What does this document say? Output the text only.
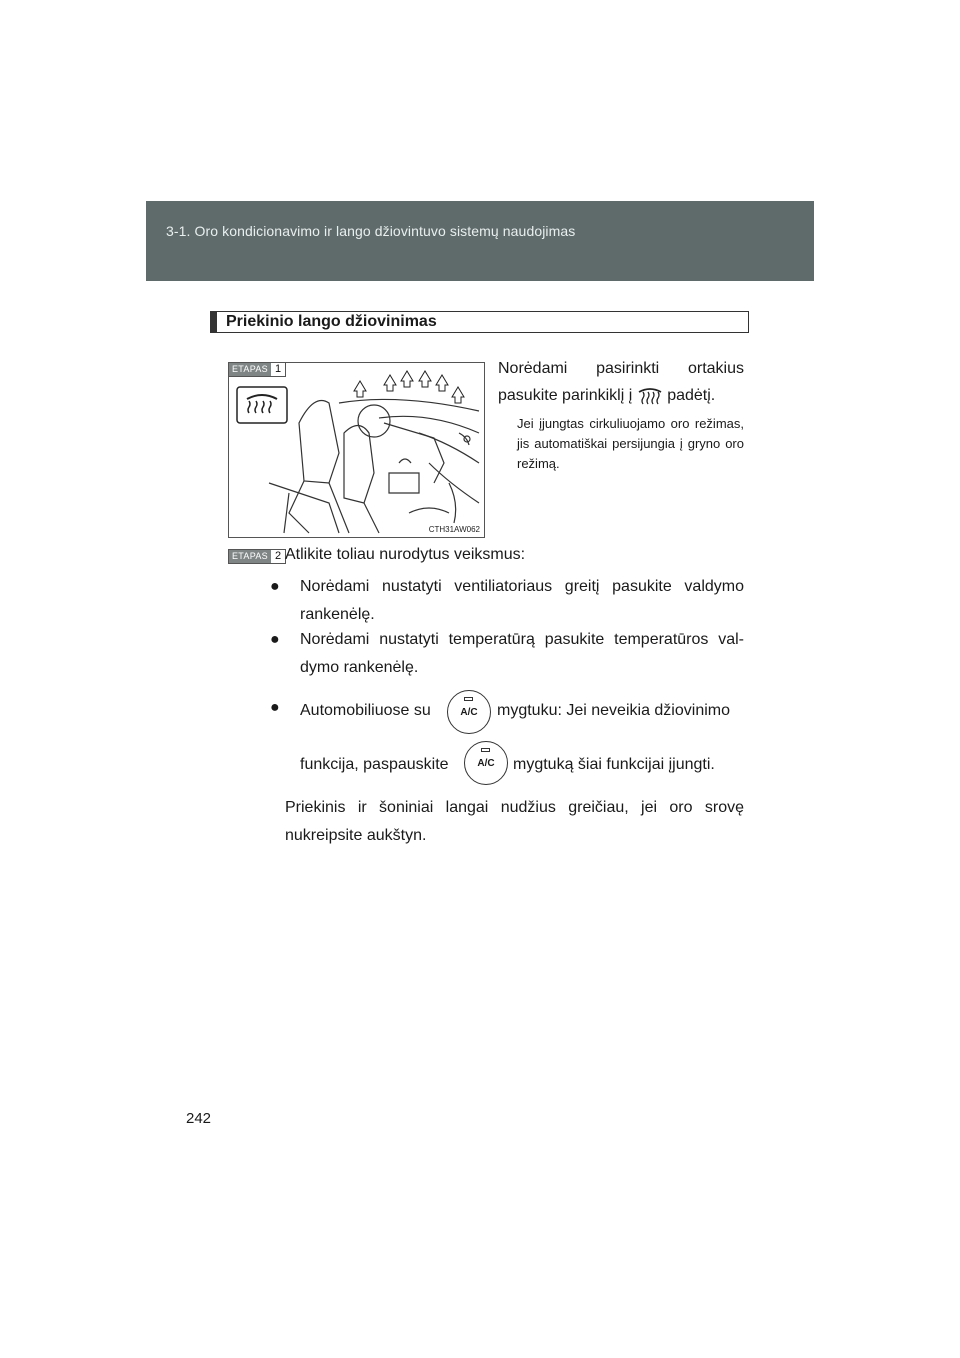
3-1. Oro kondicionavimo ir lango džiovintuvo sistemų naudojimas
Priekinio lango džiovinimas
ETAPAS 1
CTH31AW062
Norėdami pasirinkti ortakius pasukite parinkiklį į padėtį.
Jei įjungtas cirkuliuojamo oro režimas, jis automatiškai persijungia į gryno oro režimą.
ETAPAS 2 Atlikite toliau nurodytus veiksmus:
● Norėdami nustatyti ventiliatoriaus greitį pasukite valdymo rankenėlę.
● Norėdami nustatyti temperatūrą pasukite temperatūros valdymo rankenėlę.
● Automobiliuose su	A/C	mygtuku: Jei neveikia džiovinimo
funkcija, paspauskite	A/C	mygtuką šiai funkcijai įjungti.
Priekinis ir šoniniai langai nudžius greičiau, jei oro srovę nukreipsite aukštyn.
242
